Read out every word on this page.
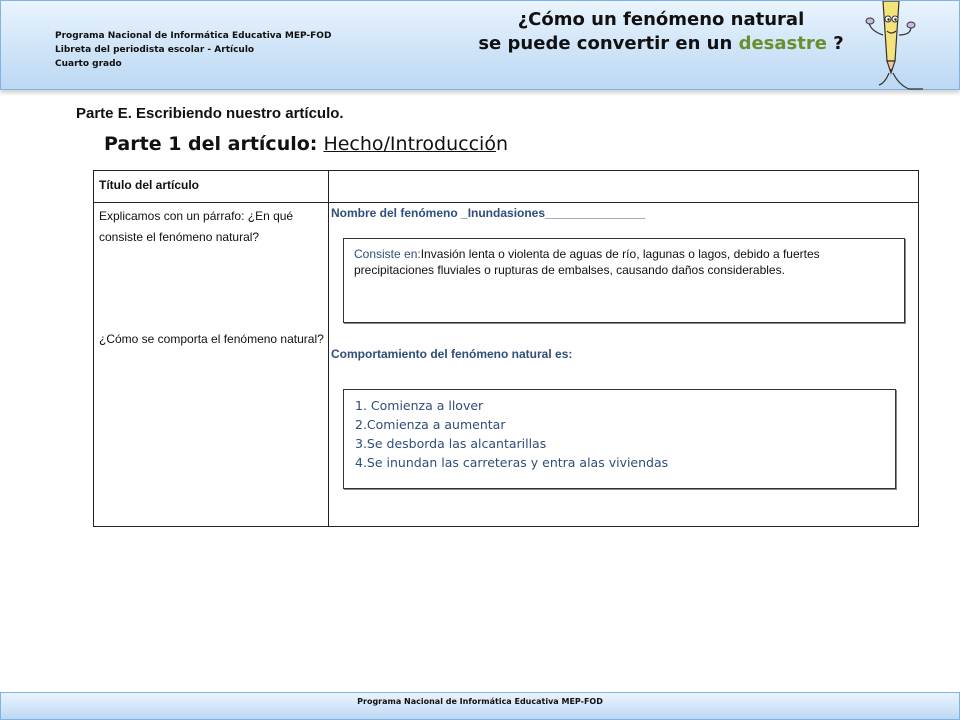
Programa Nacional de Informática Educativa MEP-FOD
Libreta del periodista escolar - Artículo
Cuarto grado
¿Cómo un fenómeno natural
se puede convertir en un desastre ?
Parte E. Escribiendo nuestro artículo.
Parte 1 del artículo: Hecho/Introducción
Título del artículo
Explicamos con un párrafo: ¿En qué consiste el fenómeno natural?
¿Cómo se comporta el fenómeno natural?
Nombre del fenómeno _Inundasiones_______________
Consiste en:Invasión lenta o violenta de aguas de río, lagunas o lagos, debido a fuertes precipitaciones fluviales o rupturas de embalses, causando daños considerables.
Comportamiento del fenómeno natural es:
1. Comienza a llover
2.Comienza a aumentar
3.Se desborda las alcantarillas
4.Se inundan las carreteras y entra alas viviendas
Programa Nacional de Informática Educativa MEP-FOD
